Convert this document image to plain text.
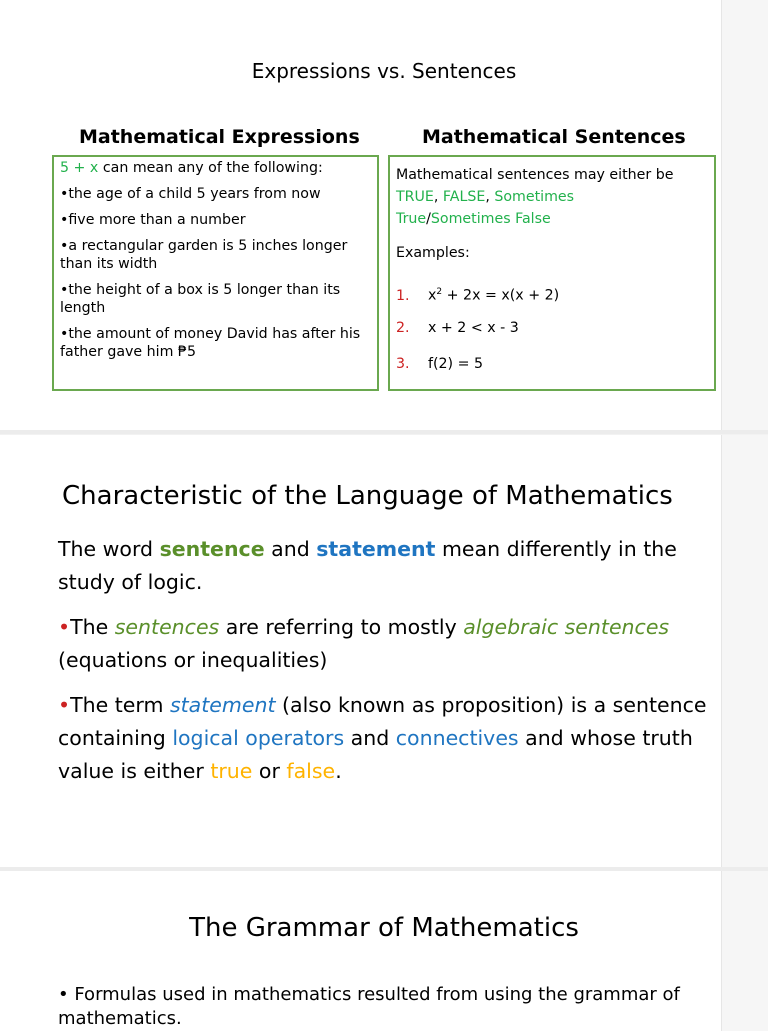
Expressions vs. Sentences
Mathematical Expressions	Mathematical Sentences

5 + x can mean any of the following:

•the age of a child 5 years from now

•five more than a number

•a rectangular garden is 5 inches longer than its width

•the height of a box is 5 longer than its length

•the amount of money David has after his father gave him ₱5

Mathematical sentences may either be

TRUE, FALSE, Sometimes

True/Sometimes False

Examples:

1. $x^2 + 2x = x(x + 2)$
2. x + 2 < x - 3
3. f(2) = 5
Characteristic of the Language of Mathematics

The word sentence and statement mean differently in the study of logic.

•The sentences are referring to mostly algebraic sentences (equations or inequalities)

•The term statement (also known as proposition) is a sentence containing logical operators and connectives and whose truth value is either true or false.

The Grammar of Mathematics
• Formulas used in mathematics resulted from using the grammar of mathematics.
